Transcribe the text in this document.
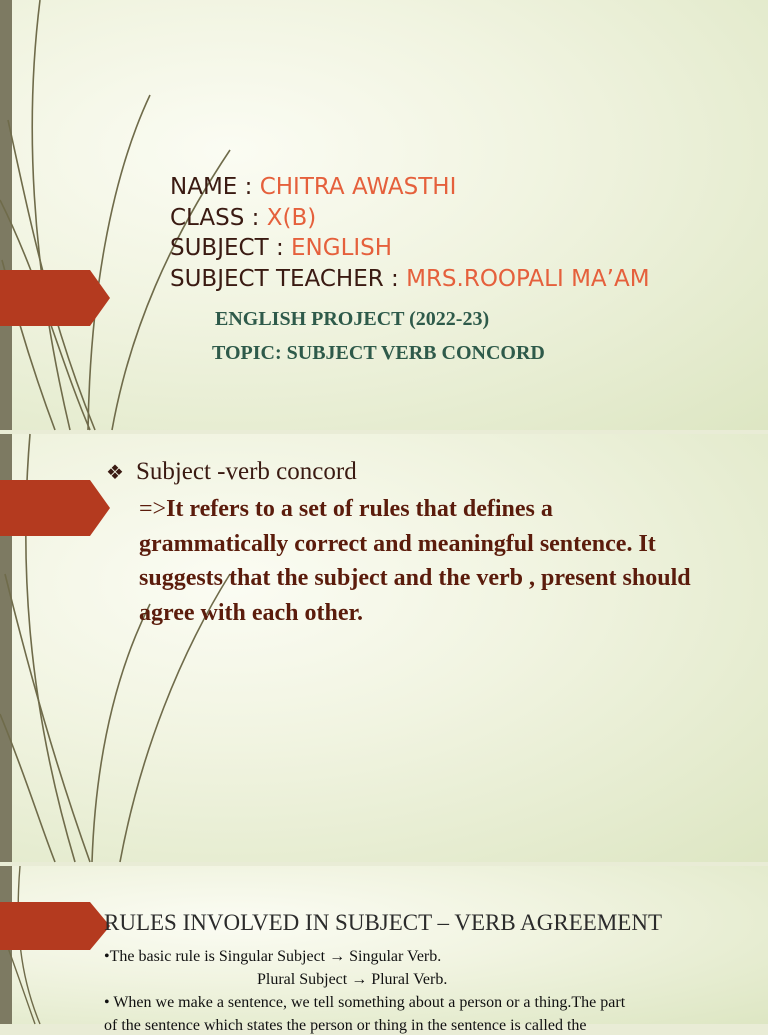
NAME : CHITRA AWASTHI
CLASS : X(B)
SUBJECT : ENGLISH
SUBJECT TEACHER : MRS.ROOPALI MA’AM
ENGLISH PROJECT (2022-23)
TOPIC: SUBJECT VERB CONCORD
❖ Subject -verb concord
=>It refers to a set of rules that defines a grammatically correct and meaningful sentence. It suggests that the subject and the verb , present should agree with each other.
RULES INVOLVED IN SUBJECT – VERB AGREEMENT
•The basic rule is Singular Subject → Singular Verb.
Plural Subject → Plural Verb.
• When we make a sentence, we tell something about a person or a thing.The part
of the sentence which states the person or thing in the sentence is called the
